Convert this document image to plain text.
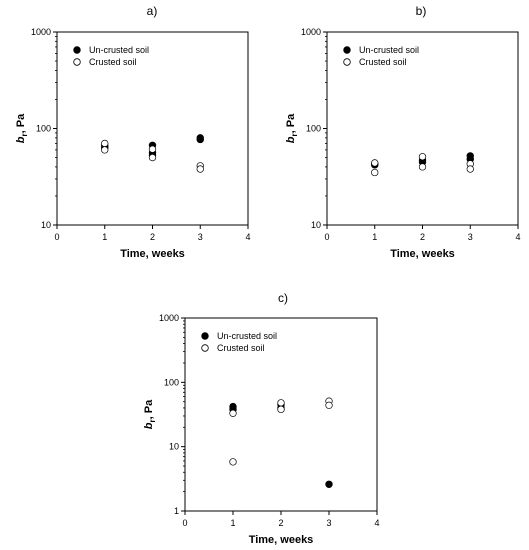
a)
0	1	2	3	4
10
100
1000
Time, weeks
$b_r$, Pa
Un-crusted soil
Crusted soil
b)
0	1	2	3	4
10
100
1000
Time, weeks
$b_r$, Pa
Un-crusted soil
Crusted soil
c)
0	1	2	3	4
1
10
100
1000
Time, weeks
$b_r$, Pa
Un-crusted soil
Crusted soil
